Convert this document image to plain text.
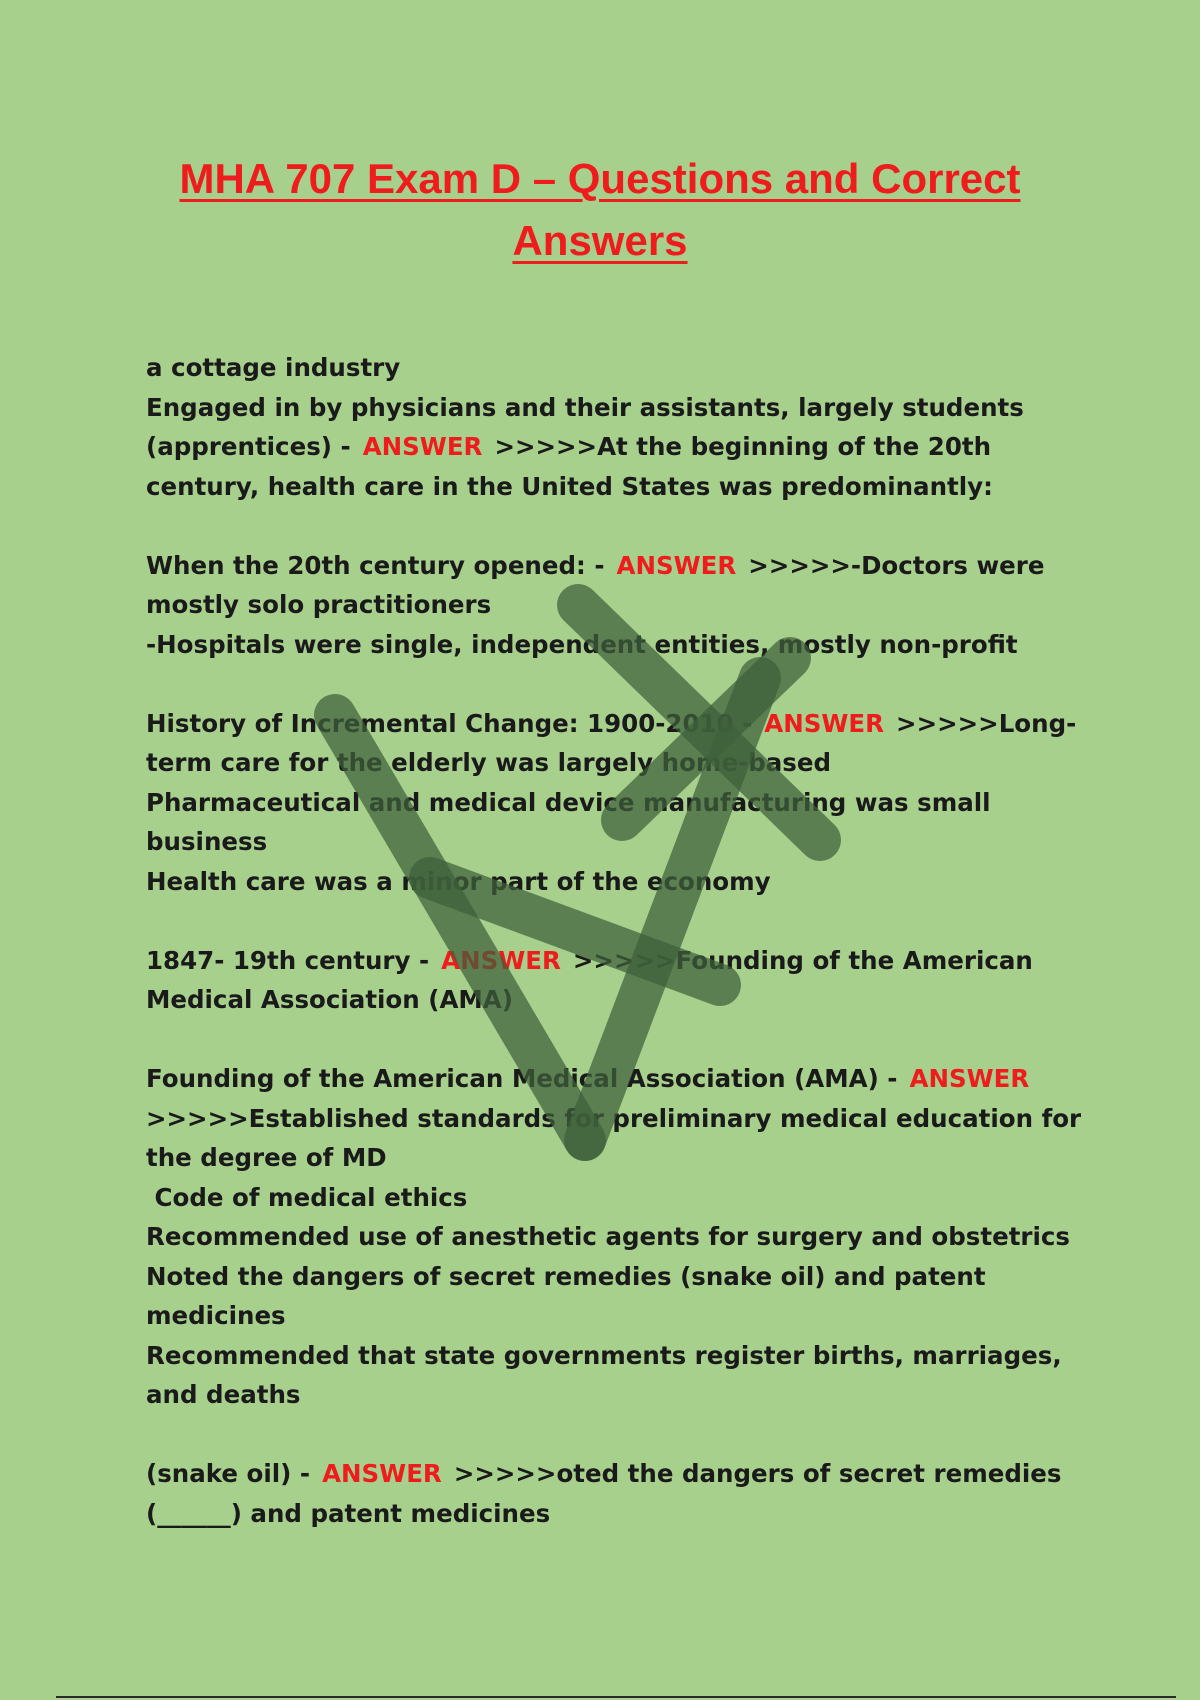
MHA 707 Exam D – Questions and Correct
Answers
a cottage industry
Engaged in by physicians and their assistants, largely students
(apprentices) - ANSWER >>>>>At the beginning of the 20th
century, health care in the United States was predominantly:
When the 20th century opened: - ANSWER >>>>>-Doctors were
mostly solo practitioners
-Hospitals were single, independent entities, mostly non-profit
History of Incremental Change: 1900-2010 - ANSWER >>>>>Long-
term care for the elderly was largely home-based
Pharmaceutical and medical device manufacturing was small
business
Health care was a minor part of the economy
1847- 19th century - ANSWER >>>>>Founding of the American
Medical Association (AMA)
Founding of the American Medical Association (AMA) - ANSWER
>>>>>Established standards for preliminary medical education for
the degree of MD
Code of medical ethics
Recommended use of anesthetic agents for surgery and obstetrics
Noted the dangers of secret remedies (snake oil) and patent
medicines
Recommended that state governments register births, marriages,
and deaths
(snake oil) - ANSWER >>>>>oted the dangers of secret remedies
(______) and patent medicines
